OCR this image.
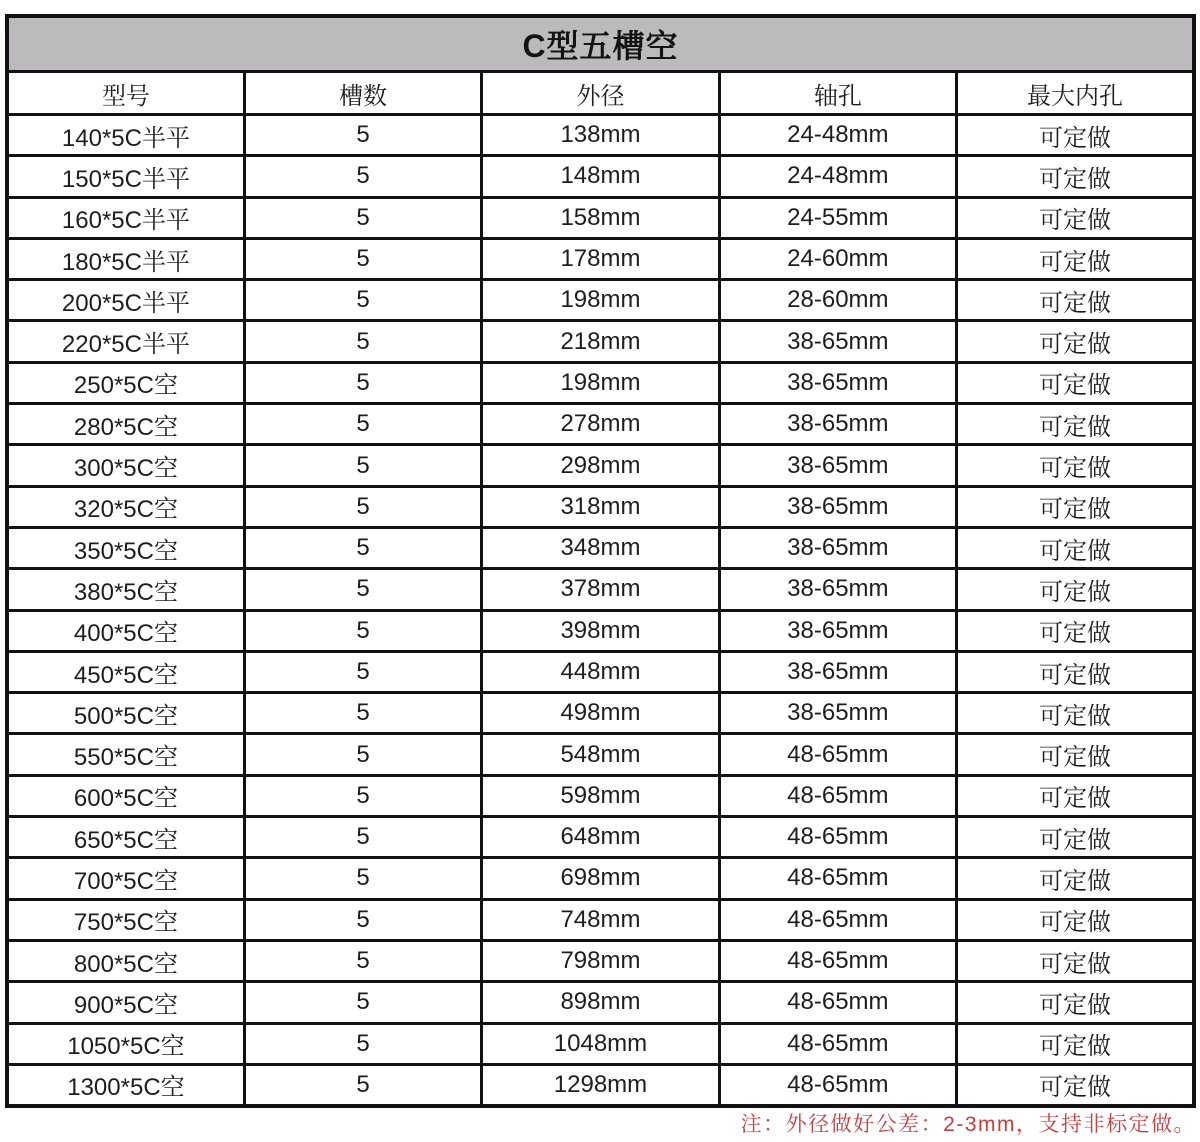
C型五槽空				
型号	槽数	外径	轴孔	最大内孔
140*5C半平	5	138mm	24-48mm	可定做
150*5C半平	5	148mm	24-48mm	可定做
160*5C半平	5	158mm	24-55mm	可定做
180*5C半平	5	178mm	24-60mm	可定做
200*5C半平	5	198mm	28-60mm	可定做
220*5C半平	5	218mm	38-65mm	可定做
250*5C空	5	198mm	38-65mm	可定做
280*5C空	5	278mm	38-65mm	可定做
300*5C空	5	298mm	38-65mm	可定做
320*5C空	5	318mm	38-65mm	可定做
350*5C空	5	348mm	38-65mm	可定做
380*5C空	5	378mm	38-65mm	可定做
400*5C空	5	398mm	38-65mm	可定做
450*5C空	5	448mm	38-65mm	可定做
500*5C空	5	498mm	38-65mm	可定做
550*5C空	5	548mm	48-65mm	可定做
600*5C空	5	598mm	48-65mm	可定做
650*5C空	5	648mm	48-65mm	可定做
700*5C空	5	698mm	48-65mm	可定做
750*5C空	5	748mm	48-65mm	可定做
800*5C空	5	798mm	48-65mm	可定做
900*5C空	5	898mm	48-65mm	可定做
1050*5C空	5	1048mm	48-65mm	可定做
1300*5C空	5	1298mm	48-65mm	可定做
注：外径做好公差：2-3mm，支持非标定做。
